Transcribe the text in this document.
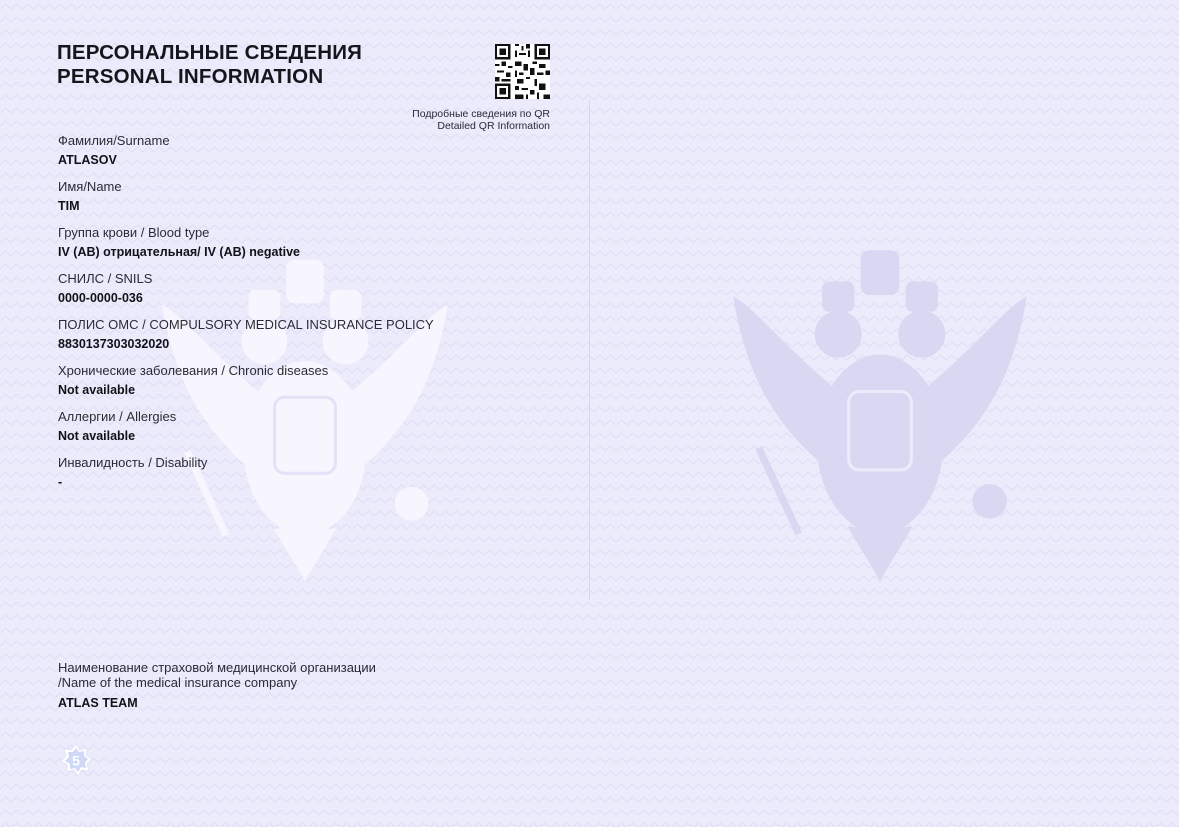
ПЕРСОНАЛЬНЫЕ СВЕДЕНИЯ
PERSONAL INFORMATION
Подробные сведения по QR
Detailed QR Information
Фамилия/Surname
ATLASOV
Имя/Name
TIM
Группа крови / Blood type
IV (AB) отрицательная/ IV (AB) negative
СНИЛС / SNILS
0000-0000-036
ПОЛИС ОМС / COMPULSORY MEDICAL INSURANCE POLICY
8830137303032020
Хронические заболевания / Chronic diseases
Not available
Аллергии / Allergies
Not available
Инвалидность / Disability
-
Наименование страховой медицинской организации
/Name of the medical insurance company
ATLAS TEAM
5
